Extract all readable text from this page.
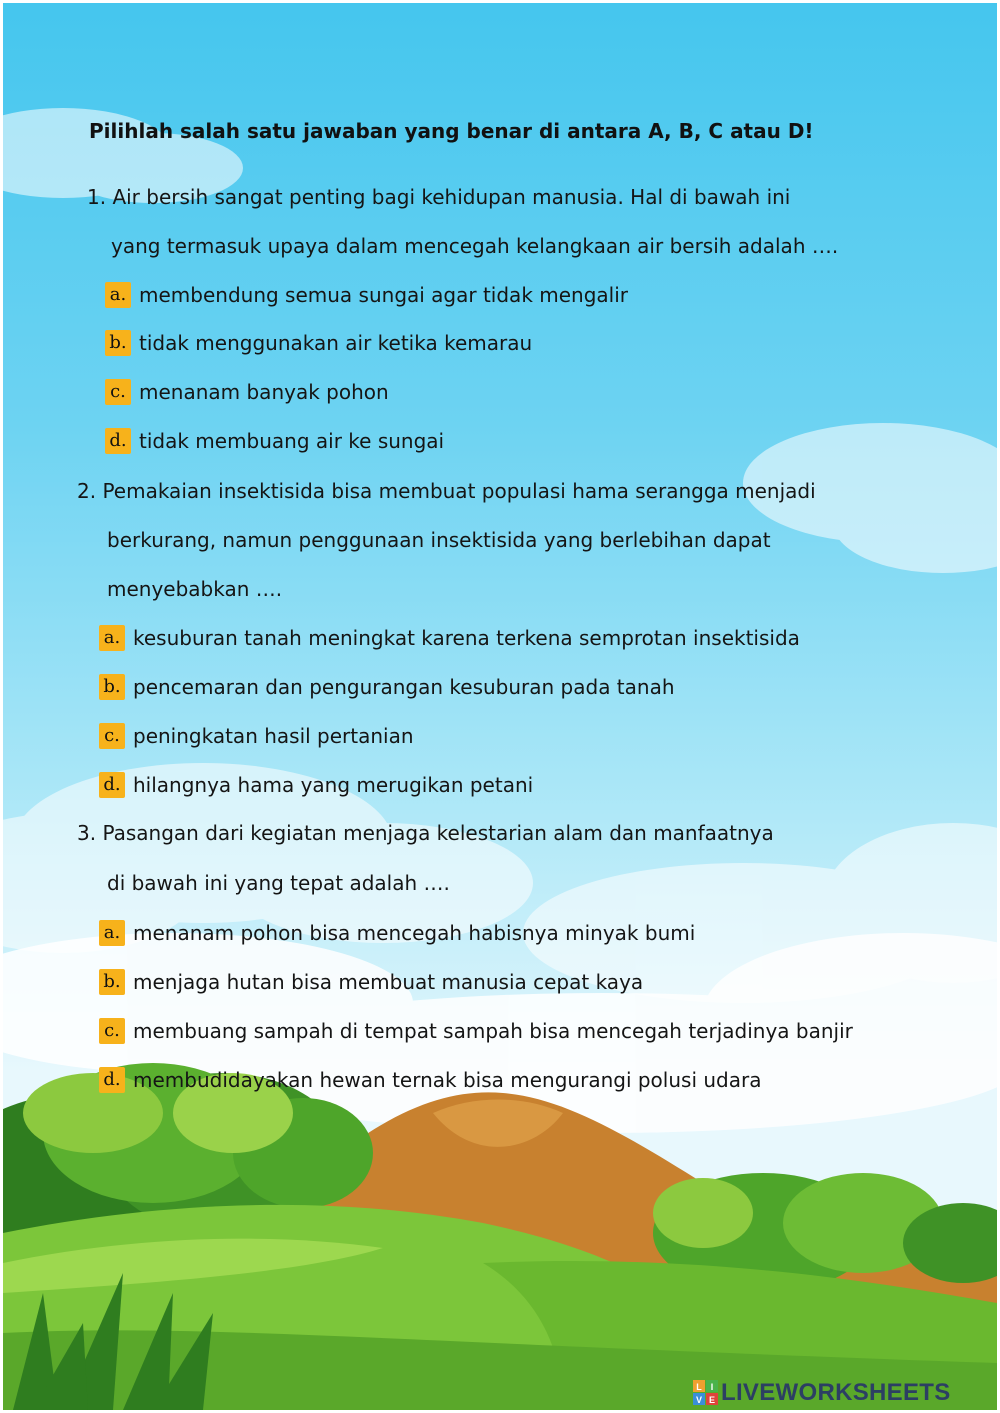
Pilihlah salah satu jawaban yang benar di antara A, B, C atau D!
1. Air bersih sangat penting bagi kehidupan manusia. Hal di bawah ini
yang termasuk upaya dalam mencegah kelangkaan air bersih adalah ….
a. membendung semua sungai agar tidak mengalir
b. tidak menggunakan air ketika kemarau
c. menanam banyak pohon
d. tidak membuang air ke sungai
2. Pemakaian insektisida bisa membuat populasi hama serangga menjadi
berkurang, namun penggunaan insektisida yang berlebihan dapat
menyebabkan ….
a. kesuburan tanah meningkat karena terkena semprotan insektisida
b. pencemaran dan pengurangan kesuburan pada tanah
c. peningkatan hasil pertanian
d. hilangnya hama yang merugikan petani
3. Pasangan dari kegiatan menjaga kelestarian alam dan manfaatnya
di bawah ini yang tepat adalah ….
a. menanam pohon bisa mencegah habisnya minyak bumi
b. menjaga hutan bisa membuat manusia cepat kaya
c. membuang sampah di tempat sampah bisa mencegah terjadinya banjir
d. membudidayakan hewan ternak bisa mengurangi polusi udara
L I
V E LIVEWORKSHEETS
